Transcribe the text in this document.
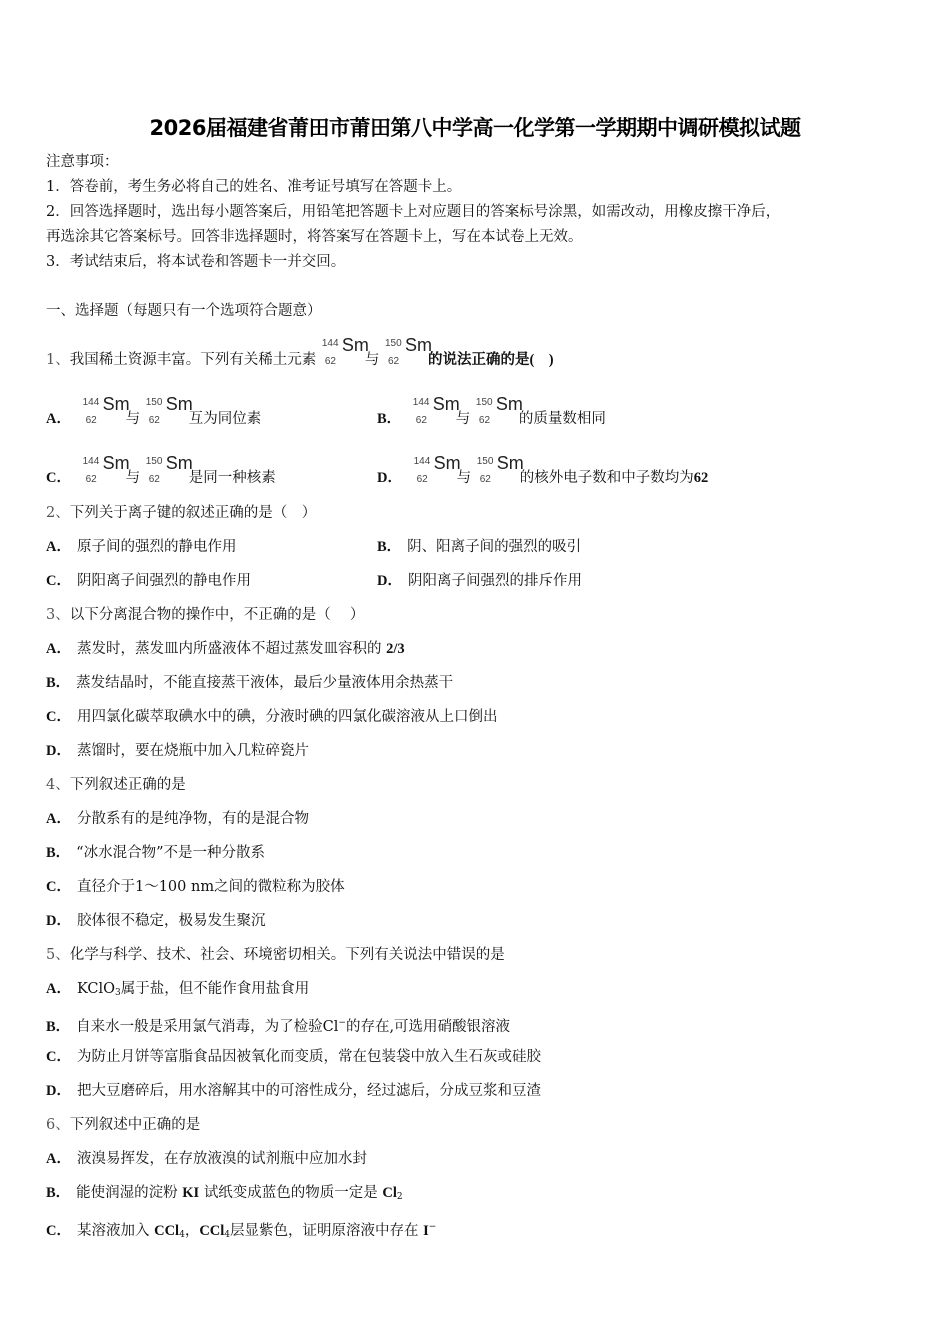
2026届福建省莆田市莆田第八中学高一化学第一学期期中调研模拟试题
注意事项：
1．答卷前，考生务必将自己的姓名、准考证号填写在答题卡上。
2．回答选择题时，选出每小题答案后，用铅笔把答题卡上对应题目的答案标号涂黑，如需改动，用橡皮擦干净后，
再选涂其它答案标号。回答非选择题时，将答案写在答题卡上，写在本试卷上无效。
3．考试结束后，将本试卷和答题卡一并交回。
一、选择题（每题只有一个选项符合题意）
1、我国稀土资源丰富。下列有关稀土元素
144
62
Sm
与
150
62
Sm
的说法正确的是(　)
A．
144
62
Sm
与
150
62
Sm
互为同位素	B．
144
62
Sm
与
150
62
Sm
的质量数相同
C．
144
62
Sm
与
150
62
Sm
是同一种核素	D．
144
62
Sm
与
150
62
Sm
的核外电子数和中子数均为62
2、下列关于离子键的叙述正确的是（　）
A． 原子间的强烈的静电作用	B． 阴、阳离子间的强烈的吸引
C． 阴阳离子间强烈的静电作用	D． 阴阳离子间强烈的排斥作用
3、以下分离混合物的操作中，不正确的是（　 ）
A． 蒸发时，蒸发皿内所盛液体不超过蒸发皿容积的 2/3
B． 蒸发结晶时，不能直接蒸干液体，最后少量液体用余热蒸干
C． 用四氯化碳萃取碘水中的碘，分液时碘的四氯化碳溶液从上口倒出
D． 蒸馏时，要在烧瓶中加入几粒碎瓷片
4、下列叙述正确的是
A． 分散系有的是纯净物，有的是混合物
B． “冰水混合物”不是一种分散系
C． 直径介于1～100 nm之间的微粒称为胶体
D． 胶体很不稳定，极易发生聚沉
5、化学与科学、技术、社会、环境密切相关。下列有关说法中错误的是
A． KClO$_3$属于盐，但不能作食用盐食用
B． 自来水一般是采用氯气消毒，为了检验Cl−的存在,可选用硝酸银溶液
C． 为防止月饼等富脂食品因被氧化而变质，常在包装袋中放入生石灰或硅胶
D． 把大豆磨碎后，用水溶解其中的可溶性成分，经过滤后，分成豆浆和豆渣
6、下列叙述中正确的是
A． 液溴易挥发，在存放液溴的试剂瓶中应加水封
B． 能使润湿的淀粉 KI 试纸变成蓝色的物质一定是 $Cl_2$
C． 某溶液加入 CCl$_4$，CCl$_4$层显紫色，证明原溶液中存在 I−
